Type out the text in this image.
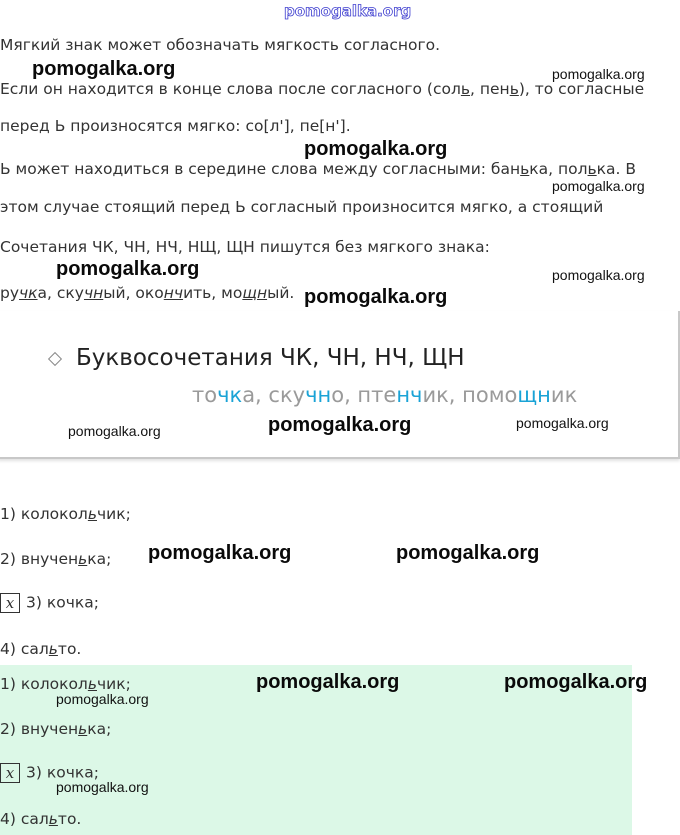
pomogalka.org
Мягкий знак может обозначать мягкость согласного.
Если он находится в конце слова после согласного (соль, пень), то согласные
перед Ь произносятся мягко: со[л'], пе[н'].
Ь может находиться в середине слова между согласными: банька, полька. В
этом случае стоящий перед Ь согласный произносится мягко, а стоящий
Сочетания ЧК, ЧН, НЧ, НЩ, ЩН пишутся без мягкого знака:
ручка, скучный, окончить, мощный.
Буквосочетания ЧК, ЧН, НЧ, ЩН
точка, скучно, птенчик, помощник
1) колокольчик;
2) внученька;
x 3) кочка;
4) сальто.
1) колокольчик;
2) внученька;
x 3) кочка;
4) сальто.
pomogalka.org	pomogalka.org
pomogalka.org
pomogalka.org
pomogalka.org	pomogalka.org
pomogalka.org
pomogalka.org	pomogalka.org	pomogalka.org
pomogalka.org	pomogalka.org
pomogalka.org	pomogalka.org
pomogalka.org
pomogalka.org
